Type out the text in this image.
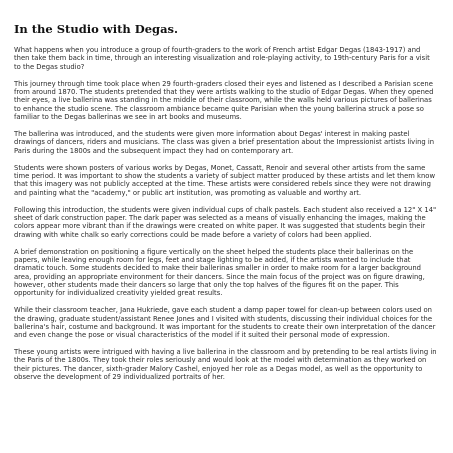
In the Studio with Degas.

What happens when you introduce a group of fourth-graders to the work of French artist Edgar Degas (1843-1917) and then take them back in time, through an interesting visualization and role-playing activity, to 19th-century Paris for a visit to the Degas studio?

This journey through time took place when 29 fourth-graders closed their eyes and listened as I described a Parisian scene from around 1870. The students pretended that they were artists walking to the studio of Edgar Degas. When they opened their eyes, a live ballerina was standing in the middle of their classroom, while the walls held various pictures of ballerinas to enhance the studio scene. The classroom ambiance became quite Parisian when the young ballerina struck a pose so familiar to the Degas ballerinas we see in art books and museums.

The ballerina was introduced, and the students were given more information about Degas' interest in making pastel drawings of dancers, riders and musicians. The class was given a brief presentation about the Impressionist artists living in Paris during the 1800s and the subsequent impact they had on contemporary art.

Students were shown posters of various works by Degas, Monet, Cassatt, Renoir and several other artists from the same time period. It was important to show the students a variety of subject matter produced by these artists and let them know that this imagery was not publicly accepted at the time. These artists were considered rebels since they were not drawing and painting what the "academy," or public art institution, was promoting as valuable and worthy art.

Following this introduction, the students were given individual cups of chalk pastels. Each student also received a 12" X 14" sheet of dark construction paper. The dark paper was selected as a means of visually enhancing the images, making the colors appear more vibrant than if the drawings were created on white paper. It was suggested that students begin their drawing with white chalk so early corrections could be made before a variety of colors had been applied.

A brief demonstration on positioning a figure vertically on the sheet helped the students place their ballerinas on the papers, while leaving enough room for legs, feet and stage lighting to be added, if the artists wanted to include that dramatic touch. Some students decided to make their ballerinas smaller in order to make room for a larger background area, providing an appropriate environment for their dancers. Since the main focus of the project was on figure drawing, however, other students made their dancers so large that only the top halves of the figures fit on the paper. This opportunity for individualized creativity yielded great results.

While their classroom teacher, Jana Hukriede, gave each student a damp paper towel for clean-up between colors used on the drawing, graduate student/assistant Renee Jones and I visited with students, discussing their individual choices for the ballerina's hair, costume and background. It was important for the students to create their own interpretation of the dancer and even change the pose or visual characteristics of the model if it suited their personal mode of expression.

These young artists were intrigued with having a live ballerina in the classroom and by pretending to be real artists living in the Paris of the 1800s. They took their roles seriously and would look at the model with determination as they worked on their pictures. The dancer, sixth-grader Malory Cashel, enjoyed her role as a Degas model, as well as the opportunity to observe the development of 29 individualized portraits of her.
